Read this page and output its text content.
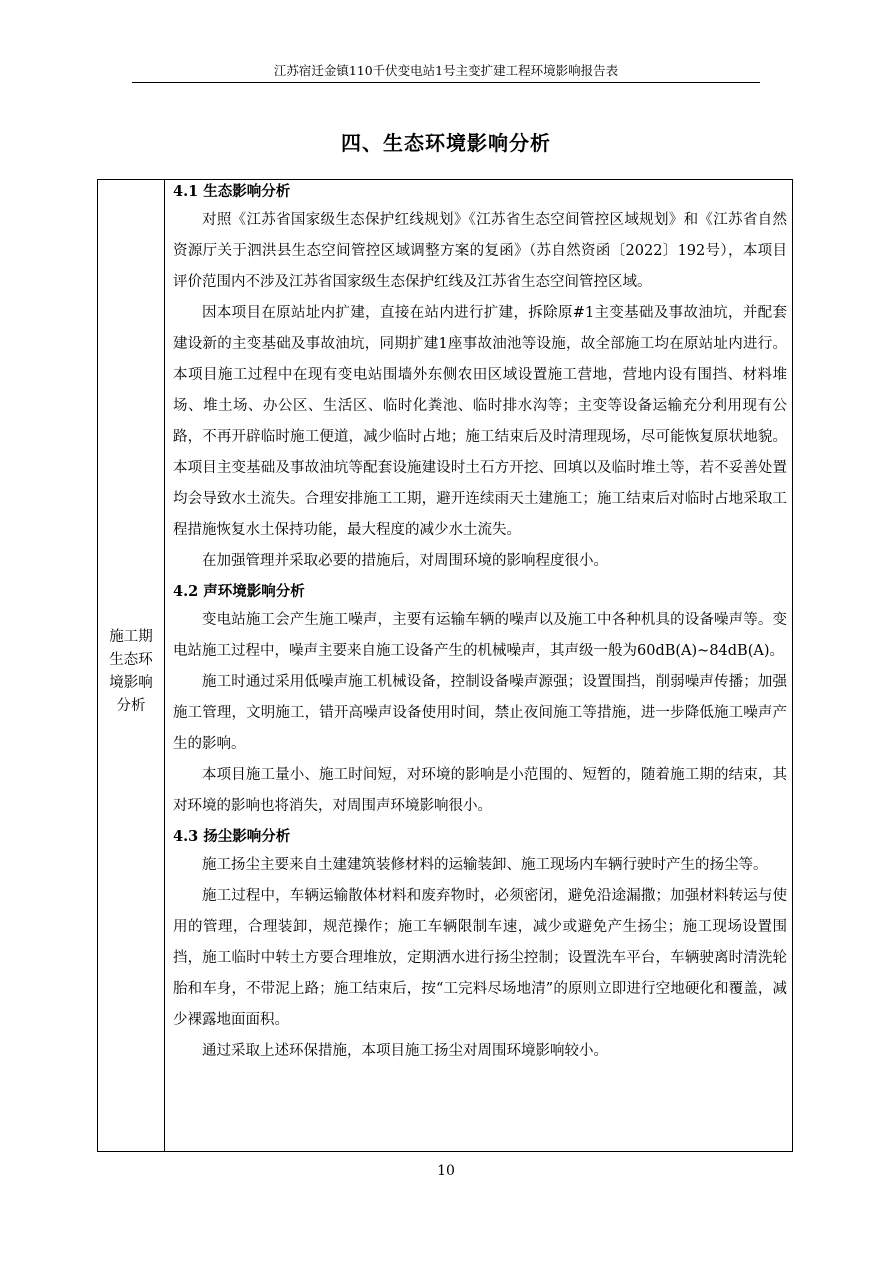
江苏宿迁金镇110千伏变电站1号主变扩建工程环境影响报告表
四、生态环境影响分析
施工期生态环境影响分析
4.1 生态影响分析

对照《江苏省国家级生态保护红线规划》《江苏省生态空间管控区域规划》和《江苏省自然资源厅关于泗洪县生态空间管控区域调整方案的复函》（苏自然资函〔2022〕192号），本项目评价范围内不涉及江苏省国家级生态保护红线及江苏省生态空间管控区域。

因本项目在原站址内扩建，直接在站内进行扩建，拆除原#1主变基础及事故油坑，并配套建设新的主变基础及事故油坑，同期扩建1座事故油池等设施，故全部施工均在原站址内进行。本项目施工过程中在现有变电站围墙外东侧农田区域设置施工营地，营地内设有围挡、材料堆场、堆土场、办公区、生活区、临时化粪池、临时排水沟等；主变等设备运输充分利用现有公路，不再开辟临时施工便道，减少临时占地；施工结束后及时清理现场，尽可能恢复原状地貌。本项目主变基础及事故油坑等配套设施建设时土石方开挖、回填以及临时堆土等，若不妥善处置均会导致水土流失。合理安排施工工期，避开连续雨天土建施工；施工结束后对临时占地采取工程措施恢复水土保持功能，最大程度的减少水土流失。

在加强管理并采取必要的措施后，对周围环境的影响程度很小。

4.2 声环境影响分析

变电站施工会产生施工噪声，主要有运输车辆的噪声以及施工中各种机具的设备噪声等。变电站施工过程中，噪声主要来自施工设备产生的机械噪声，其声级一般为60dB(A)~84dB(A)。

施工时通过采用低噪声施工机械设备，控制设备噪声源强；设置围挡，削弱噪声传播；加强施工管理，文明施工，错开高噪声设备使用时间，禁止夜间施工等措施，进一步降低施工噪声产生的影响。

本项目施工量小、施工时间短，对环境的影响是小范围的、短暂的，随着施工期的结束，其对环境的影响也将消失，对周围声环境影响很小。

4.3 扬尘影响分析

施工扬尘主要来自土建建筑装修材料的运输装卸、施工现场内车辆行驶时产生的扬尘等。

施工过程中，车辆运输散体材料和废弃物时，必须密闭，避免沿途漏撒；加强材料转运与使用的管理，合理装卸，规范操作；施工车辆限制车速，减少或避免产生扬尘；施工现场设置围挡，施工临时中转土方要合理堆放，定期洒水进行扬尘控制；设置洗车平台，车辆驶离时清洗轮胎和车身，不带泥上路；施工结束后，按“工完料尽场地清”的原则立即进行空地硬化和覆盖，减少裸露地面面积。

通过采取上述环保措施，本项目施工扬尘对周围环境影响较小。

10
